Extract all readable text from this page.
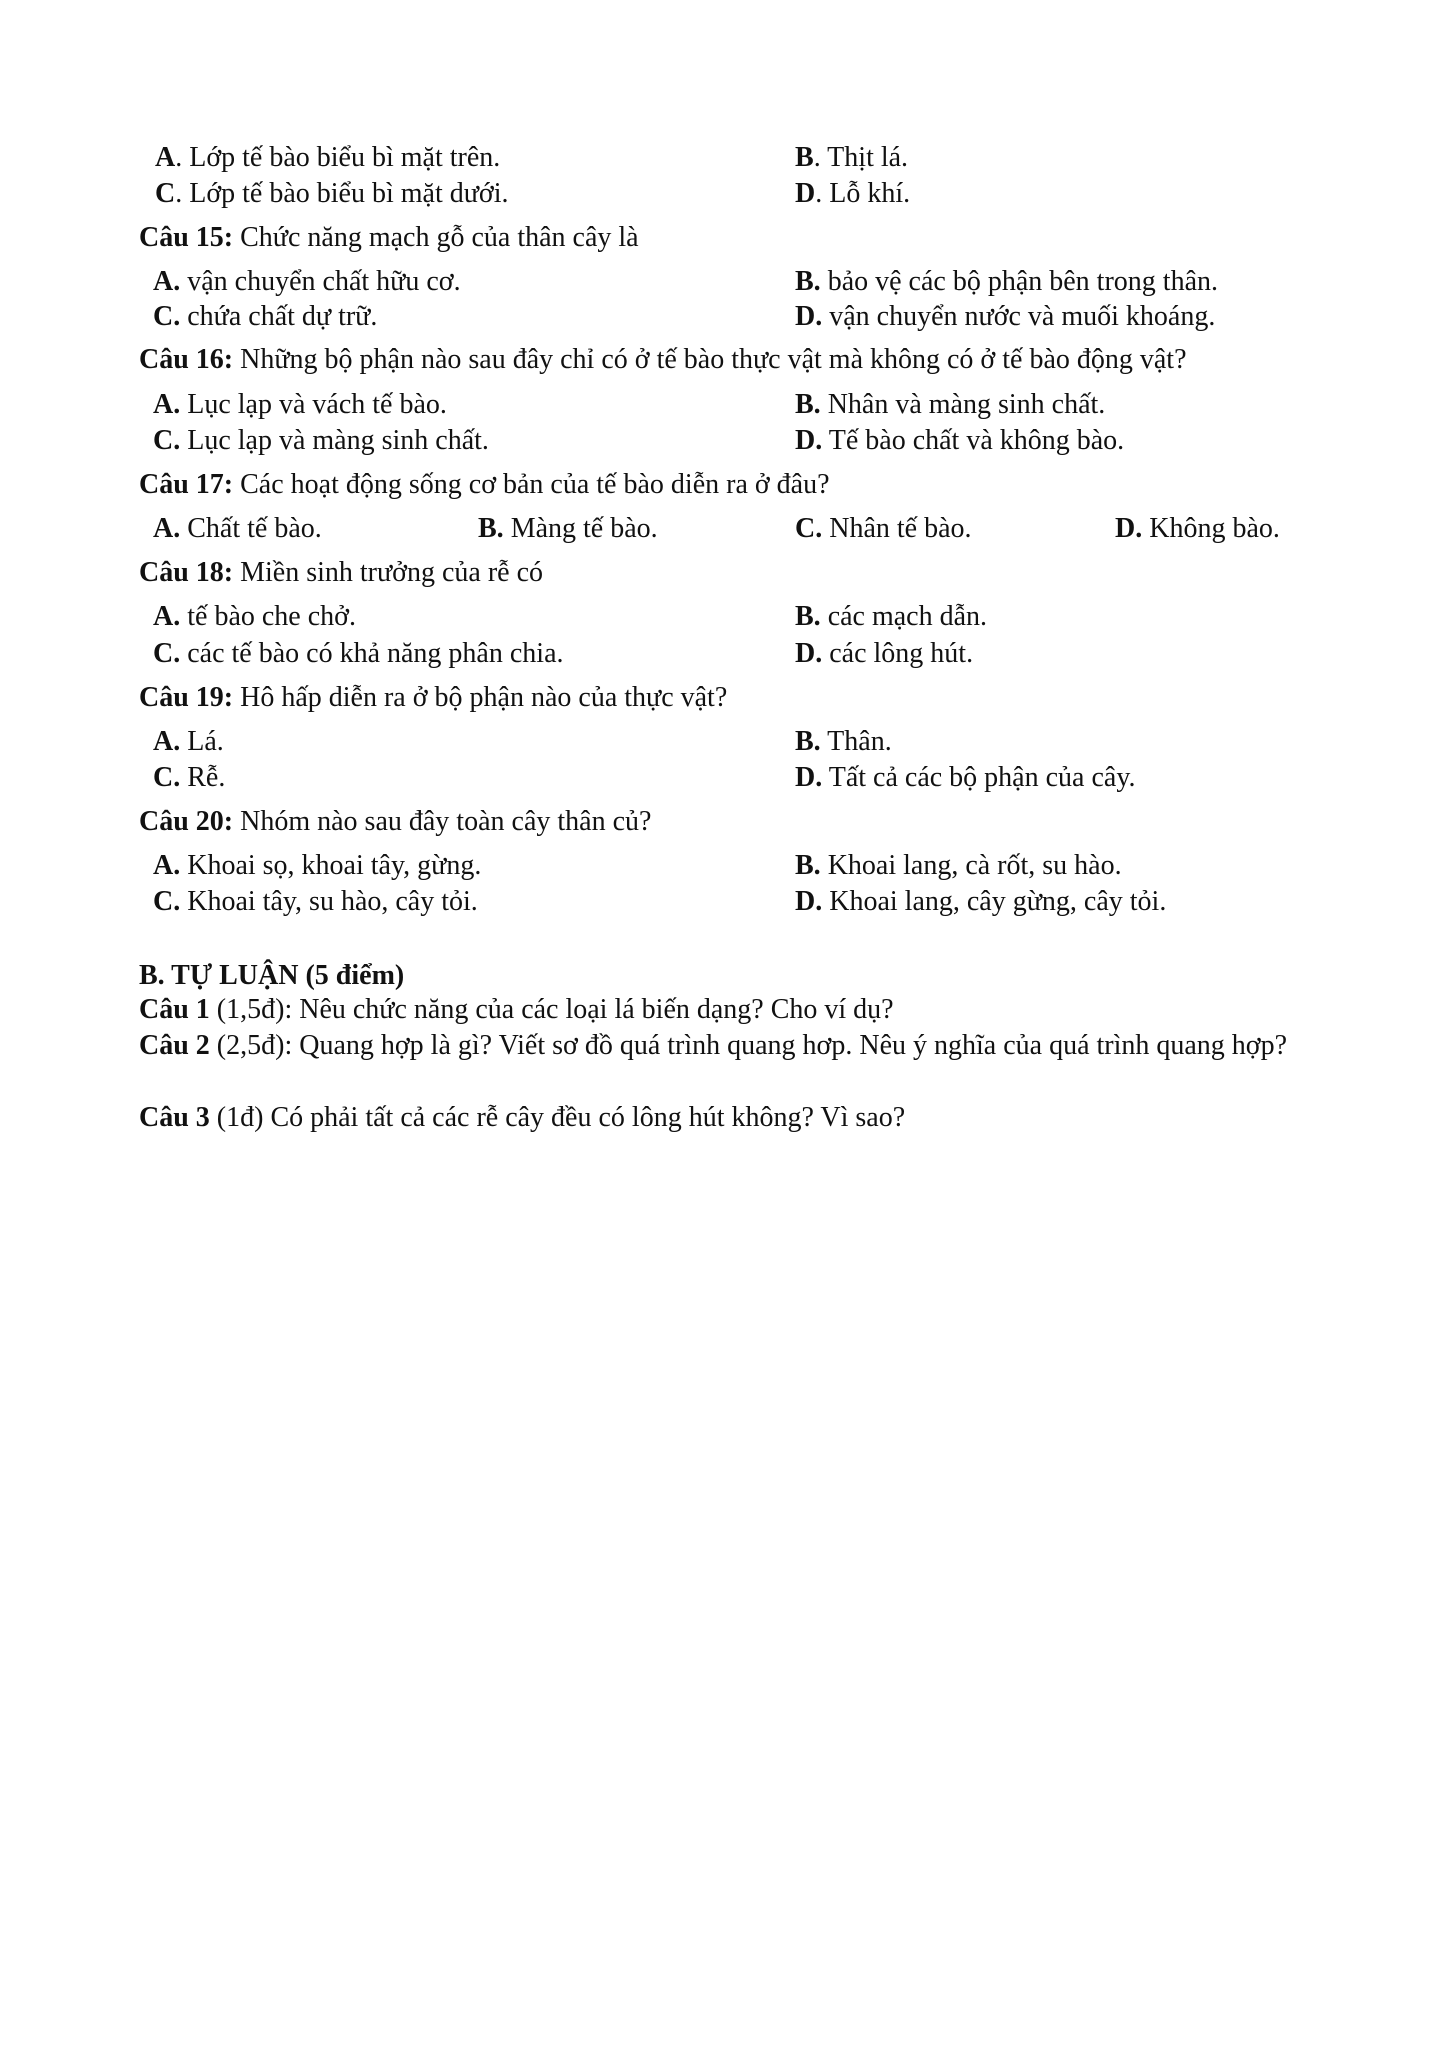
A. Lớp tế bào biểu bì mặt trên.	B. Thịt lá.
C. Lớp tế bào biểu bì mặt dưới.	D. Lỗ khí.
Câu 15: Chức năng mạch gỗ của thân cây là
A. vận chuyển chất hữu cơ.	B. bảo vệ các bộ phận bên trong thân.
C. chứa chất dự trữ.	D. vận chuyển nước và muối khoáng.
Câu 16: Những bộ phận nào sau đây chỉ có ở tế bào thực vật mà không có ở tế bào động vật?
A. Lục lạp và vách tế bào.	B. Nhân và màng sinh chất.
C. Lục lạp và màng sinh chất.	D. Tế bào chất và không bào.
Câu 17: Các hoạt động sống cơ bản của tế bào diễn ra ở đâu?
A. Chất tế bào.	B. Màng tế bào.	C. Nhân tế bào.	D. Không bào.
Câu 18: Miền sinh trưởng của rễ có
A. tế bào che chở.	B. các mạch dẫn.
C. các tế bào có khả năng phân chia.	D. các lông hút.
Câu 19: Hô hấp diễn ra ở bộ phận nào của thực vật?
A. Lá.	B. Thân.
C. Rễ.	D. Tất cả các bộ phận của cây.
Câu 20: Nhóm nào sau đây toàn cây thân củ?
A. Khoai sọ, khoai tây, gừng.	B. Khoai lang, cà rốt, su hào.
C. Khoai tây, su hào, cây tỏi.	D. Khoai lang, cây gừng, cây tỏi.
B. TỰ LUẬN (5 điểm)
Câu 1 (1,5đ): Nêu chức năng của các loại lá biến dạng? Cho ví dụ?
Câu 2 (2,5đ): Quang hợp là gì? Viết sơ đồ quá trình quang hơp. Nêu ý nghĩa của quá trình quang hợp?
Câu 3 (1đ) Có phải tất cả các rễ cây đều có lông hút không? Vì sao?
